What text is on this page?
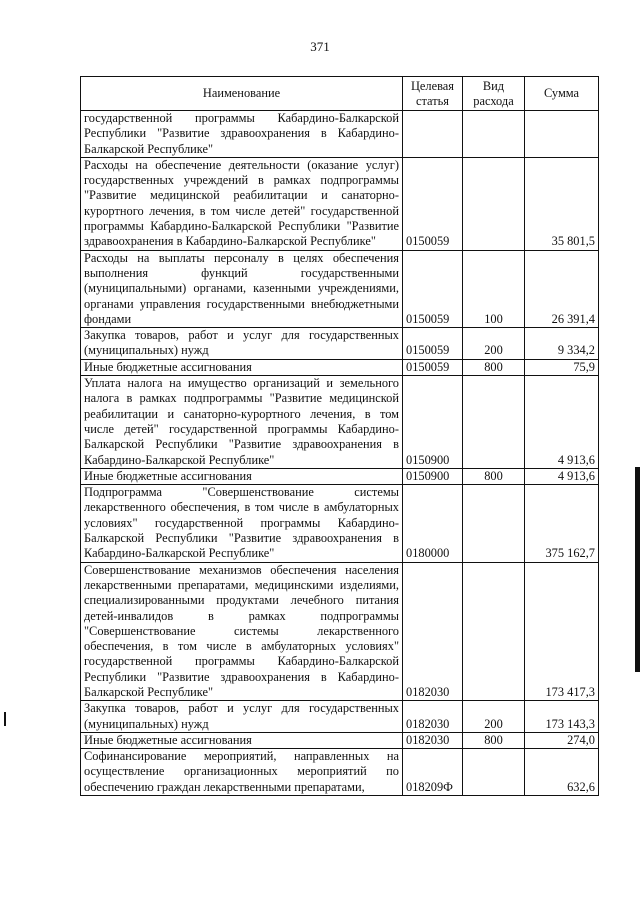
371
Наименование	Целевая статья	Вид расхода	Сумма
государственной программы Кабардино-Балкарской Республики "Развитие здравоохранения в Кабардино-Балкарской Республике"			
Расходы на обеспечение деятельности (оказание услуг) государственных учреждений в рамках подпрограммы "Развитие медицинской реабилитации и санаторно-курортного лечения, в том числе детей" государственной программы Кабардино-Балкарской Республики "Развитие здравоохранения в Кабардино-Балкарской Республике"	0150059		35 801,5
Расходы на выплаты персоналу в целях обеспечения выполнения функций государственными (муниципальными) органами, казенными учреждениями, органами управления государственными внебюджетными фондами	0150059	100	26 391,4
Закупка товаров, работ и услуг для государственных (муниципальных) нужд	0150059	200	9 334,2
Иные бюджетные ассигнования	0150059	800	75,9
Уплата налога на имущество организаций и земельного налога в рамках подпрограммы "Развитие медицинской реабилитации и санаторно-курортного лечения, в том числе детей" государственной программы Кабардино-Балкарской Республики "Развитие здравоохранения в Кабардино-Балкарской Республике"	0150900		4 913,6
Иные бюджетные ассигнования	0150900	800	4 913,6
Подпрограмма "Совершенствование системы лекарственного обеспечения, в том числе в амбулаторных условиях" государственной программы Кабардино-Балкарской Республики "Развитие здравоохранения в Кабардино-Балкарской Республике"	0180000		375 162,7
Совершенствование механизмов обеспечения населения лекарственными препаратами, медицинскими изделиями, специализированными продуктами лечебного питания детей-инвалидов в рамках подпрограммы "Совершенствование системы лекарственного обеспечения, в том числе в амбулаторных условиях" государственной программы Кабардино-Балкарской Республики "Развитие здравоохранения в Кабардино-Балкарской Республике"	0182030		173 417,3
Закупка товаров, работ и услуг для государственных (муниципальных) нужд	0182030	200	173 143,3
Иные бюджетные ассигнования	0182030	800	274,0
Софинансирование мероприятий, направленных на осуществление организационных мероприятий по обеспечению граждан лекарственными препаратами,	018209Ф		632,6
